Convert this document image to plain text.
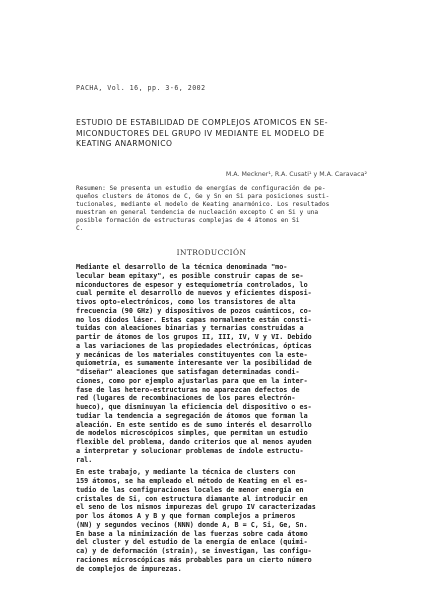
PACHA, Vol. 16, pp. 3-6, 2002
ESTUDIO DE ESTABILIDAD DE COMPLEJOS ATOMICOS EN SE-
MICONDUCTORES DEL GRUPO IV MEDIANTE EL MODELO DE
KEATING ANARMONICO
M.A. Meckner¹, R.A. Cusati¹ y M.A. Caravaca²
Resumen: Se presenta un estudio de energías de configuración de pe-
queños clusters de átomos de C, Ge y Sn en Si para posiciones susti-
tucionales, mediante el modelo de Keating anarmónico. Los resultados
muestran en general tendencia de nucleación excepto C en Si y una
posible formación de estructuras complejas de 4 átomos en Si
C.
INTRODUCCIÓN
Mediante el desarrollo de la técnica denominada "mo-
lecular beam epitaxy", es posible construir capas de se-
miconductores de espesor y estequiometría controlados, lo
cual permite el desarrollo de nuevos y eficientes disposi-
tivos opto-electrónicos, como los transistores de alta
frecuencia (90 GHz) y dispositivos de pozos cuánticos, co-
mo los diodos láser. Estas capas normalmente están consti-
tuidas con aleaciones binarias y ternarias construidas a
partir de átomos de los grupos II, III, IV, V y VI. Debido
a las variaciones de las propiedades electrónicas, ópticas
y mecánicas de los materiales constituyentes con la este-
quiometría, es sumamente interesante ver la posibilidad de
"diseñar" aleaciones que satisfagan determinadas condi-
ciones, como por ejemplo ajustarlas para que en la inter-
fase de las hetero-estructuras no aparezcan defectos de
red (lugares de recombinaciones de los pares electrón-
hueco), que disminuyan la eficiencia del dispositivo o es-
tudiar la tendencia a segregación de átomos que forman la
aleación. En este sentido es de sumo interés el desarrollo
de modelos microscópicos simples, que permitan un estudio
flexible del problema, dando criterios que al menos ayuden
a interpretar y solucionar problemas de índole estructu-
ral.
En este trabajo, y mediante la técnica de clusters con
159 átomos, se ha empleado el método de Keating en el es-
tudio de las configuraciones locales de menor energía en
cristales de Si, con estructura diamante al introducir en
el seno de los mismos impurezas del grupo IV caracterizadas
por los átomos A y B y que forman complejos a primeros
(NN) y segundos vecinos (NNN) donde A, B = C, Si, Ge, Sn.
En base a la minimización de las fuerzas sobre cada átomo
del cluster y del estudio de la energía de enlace (quimi-
ca) y de deformación (strain), se investigan, las configu-
raciones microscópicas más probables para un cierto número
de complejos de impurezas.
